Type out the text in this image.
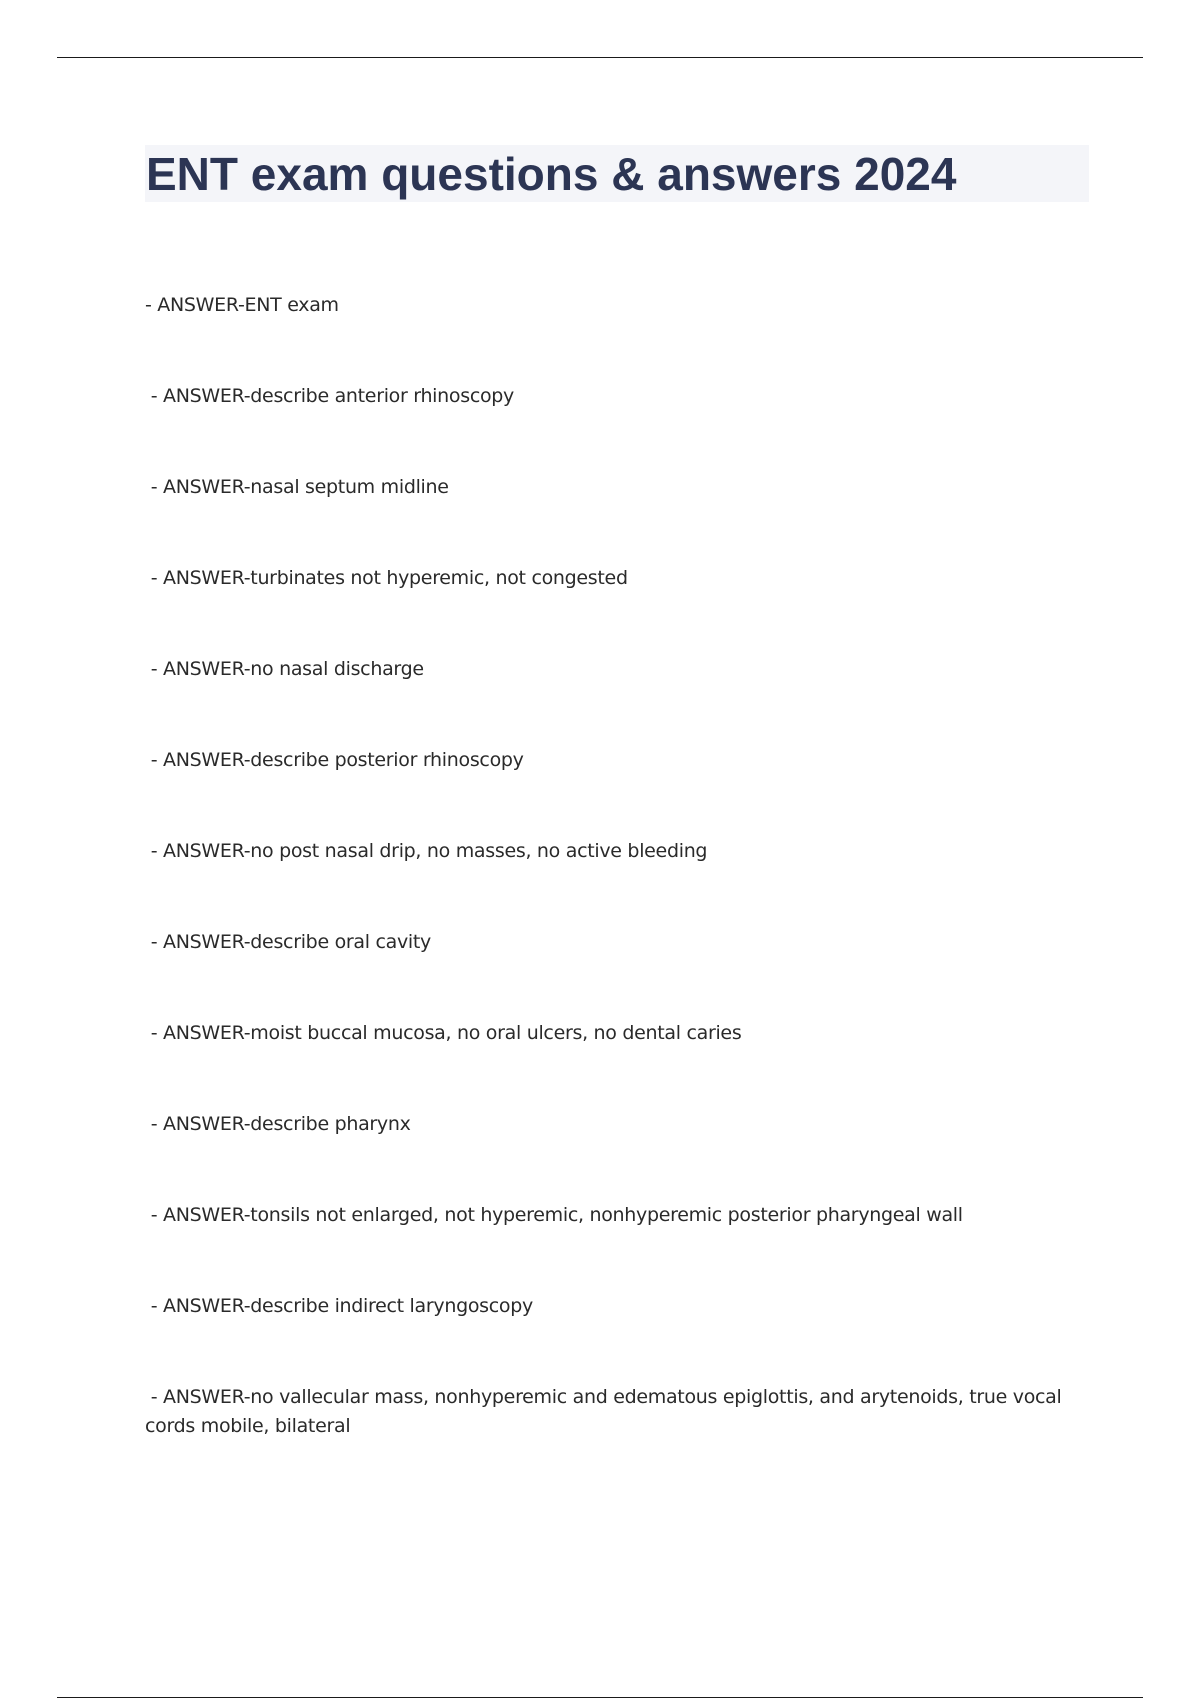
ENT exam questions & answers 2024

- ANSWER-ENT exam

- ANSWER-describe anterior rhinoscopy

- ANSWER-nasal septum midline

- ANSWER-turbinates not hyperemic, not congested

- ANSWER-no nasal discharge

- ANSWER-describe posterior rhinoscopy

- ANSWER-no post nasal drip, no masses, no active bleeding

- ANSWER-describe oral cavity

- ANSWER-moist buccal mucosa, no oral ulcers, no dental caries

- ANSWER-describe pharynx

- ANSWER-tonsils not enlarged, not hyperemic, nonhyperemic posterior pharyngeal wall

- ANSWER-describe indirect laryngoscopy

- ANSWER-no vallecular mass, nonhyperemic and edematous epiglottis, and arytenoids, true vocal cords mobile, bilateral
